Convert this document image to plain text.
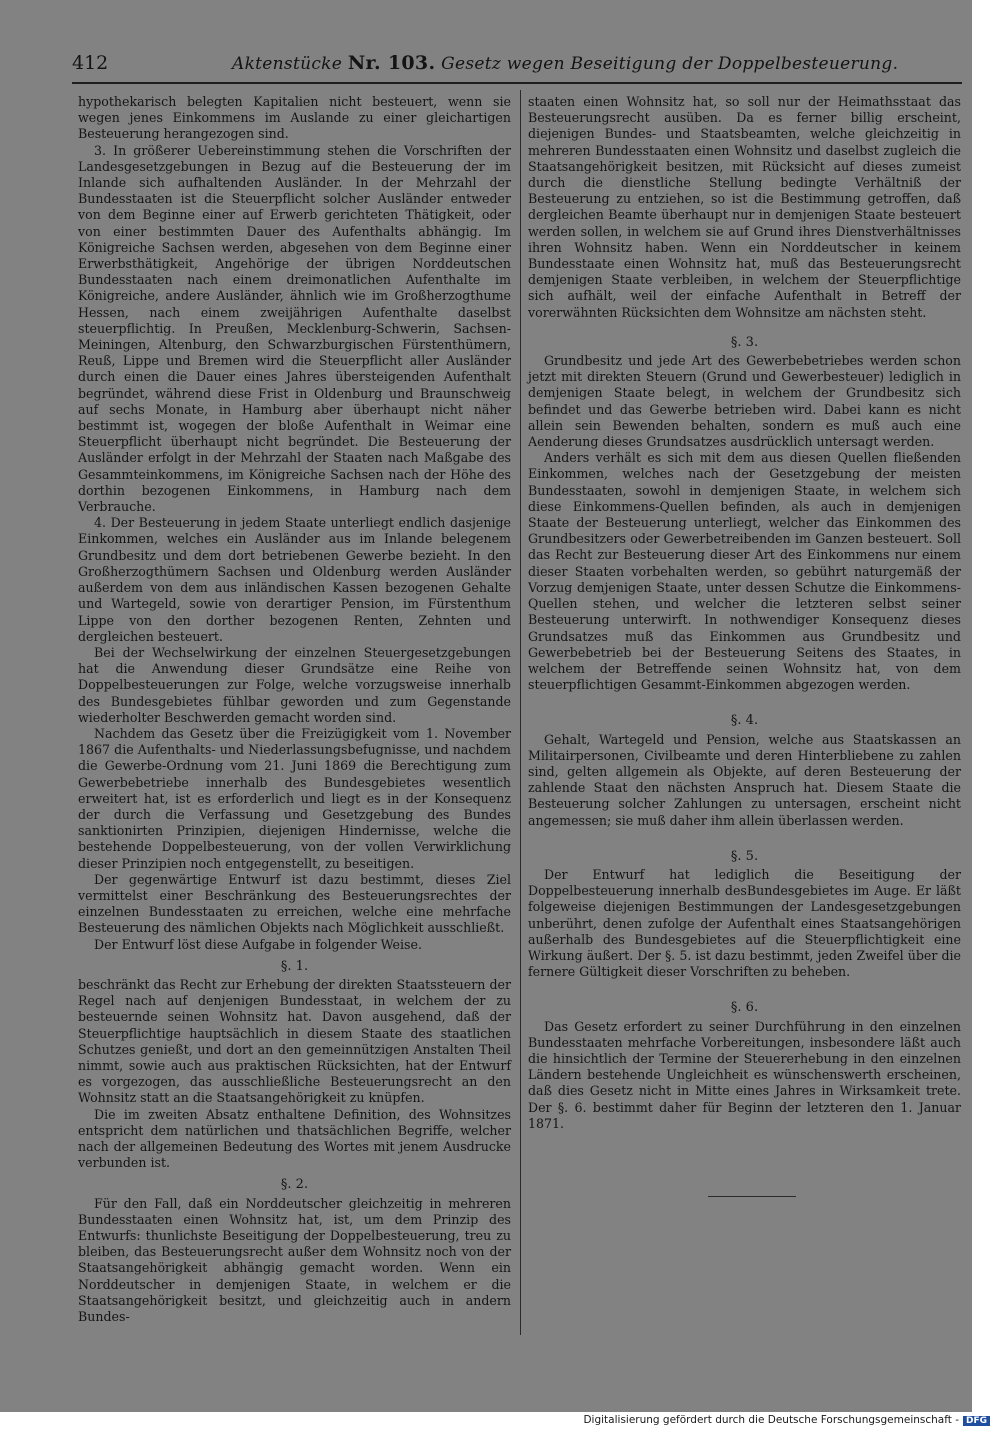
412	Aktenstücke Nr. 103. Gesetz wegen Beseitigung der Doppelbesteuerung.

hypothekarisch belegten Kapitalien nicht besteuert, wenn sie wegen jenes Einkommens im Auslande zu einer gleichartigen Besteuerung herangezogen sind.

3. In größerer Uebereinstimmung stehen die Vorschriften der Landesgesetzgebungen in Bezug auf die Besteuerung der im Inlande sich aufhaltenden Ausländer. In der Mehrzahl der Bundesstaaten ist die Steuerpflicht solcher Ausländer entweder von dem Beginne einer auf Erwerb gerichteten Thätigkeit, oder von einer bestimmten Dauer des Aufenthalts abhängig. Im Königreiche Sachsen werden, abgesehen von dem Beginne einer Erwerbsthätigkeit, Angehörige der übrigen Norddeutschen Bundesstaaten nach einem dreimonatlichen Aufenthalte im Königreiche, andere Ausländer, ähnlich wie im Großherzogthume Hessen, nach einem zweijährigen Aufenthalte daselbst steuerpflichtig. In Preußen, Mecklenburg-Schwerin, Sachsen-Meiningen, Altenburg, den Schwarzburgischen Fürstenthümern, Reuß, Lippe und Bremen wird die Steuerpflicht aller Ausländer durch einen die Dauer eines Jahres übersteigenden Aufenthalt begründet, während diese Frist in Oldenburg und Braunschweig auf sechs Monate, in Hamburg aber überhaupt nicht näher bestimmt ist, wogegen der bloße Aufenthalt in Weimar eine Steuerpflicht überhaupt nicht begründet. Die Besteuerung der Ausländer erfolgt in der Mehrzahl der Staaten nach Maßgabe des Gesammteinkommens, im Königreiche Sachsen nach der Höhe des dorthin bezogenen Einkommens, in Hamburg nach dem Verbrauche.

4. Der Besteuerung in jedem Staate unterliegt endlich dasjenige Einkommen, welches ein Ausländer aus im Inlande belegenem Grundbesitz und dem dort betriebenen Gewerbe bezieht. In den Großherzogthümern Sachsen und Oldenburg werden Ausländer außerdem von dem aus inländischen Kassen bezogenen Gehalte und Wartegeld, sowie von derartiger Pension, im Fürstenthum Lippe von den dorther bezogenen Renten, Zehnten und dergleichen besteuert.

Bei der Wechselwirkung der einzelnen Steuergesetzgebungen hat die Anwendung dieser Grundsätze eine Reihe von Doppelbesteuerungen zur Folge, welche vorzugsweise innerhalb des Bundesgebietes fühlbar geworden und zum Gegenstande wiederholter Beschwerden gemacht worden sind.

Nachdem das Gesetz über die Freizügigkeit vom 1. November 1867 die Aufenthalts- und Niederlassungsbefugnisse, und nachdem die Gewerbe-Ordnung vom 21. Juni 1869 die Berechtigung zum Gewerbebetriebe innerhalb des Bundesgebietes wesentlich erweitert hat, ist es erforderlich und liegt es in der Konsequenz der durch die Verfassung und Gesetzgebung des Bundes sanktionirten Prinzipien, diejenigen Hindernisse, welche die bestehende Doppelbesteuerung, von der vollen Verwirklichung dieser Prinzipien noch entgegenstellt, zu beseitigen.

Der gegenwärtige Entwurf ist dazu bestimmt, dieses Ziel vermittelst einer Beschränkung des Besteuerungsrechtes der einzelnen Bundesstaaten zu erreichen, welche eine mehrfache Besteuerung des nämlichen Objekts nach Möglichkeit ausschließt.

Der Entwurf löst diese Aufgabe in folgender Weise.

§. 1.

beschränkt das Recht zur Erhebung der direkten Staatssteuern der Regel nach auf denjenigen Bundesstaat, in welchem der zu besteuernde seinen Wohnsitz hat. Davon ausgehend, daß der Steuerpflichtige hauptsächlich in diesem Staate des staatlichen Schutzes genießt, und dort an den gemeinnützigen Anstalten Theil nimmt, sowie auch aus praktischen Rücksichten, hat der Entwurf es vorgezogen, das ausschließliche Besteuerungsrecht an den Wohnsitz statt an die Staatsangehörigkeit zu knüpfen.

Die im zweiten Absatz enthaltene Definition, des Wohnsitzes entspricht dem natürlichen und thatsächlichen Begriffe, welcher nach der allgemeinen Bedeutung des Wortes mit jenem Ausdrucke verbunden ist.

§. 2.

Für den Fall, daß ein Norddeutscher gleichzeitig in mehreren Bundesstaaten einen Wohnsitz hat, ist, um dem Prinzip des Entwurfs: thunlichste Beseitigung der Doppelbesteuerung, treu zu bleiben, das Besteuerungsrecht außer dem Wohnsitz noch von der Staatsangehörigkeit abhängig gemacht worden. Wenn ein Norddeutscher in demjenigen Staate, in welchem er die Staatsangehörigkeit besitzt, und gleichzeitig auch in andern Bundes-

staaten einen Wohnsitz hat, so soll nur der Heimathsstaat das Besteuerungsrecht ausüben. Da es ferner billig erscheint, diejenigen Bundes- und Staatsbeamten, welche gleichzeitig in mehreren Bundesstaaten einen Wohnsitz und daselbst zugleich die Staatsangehörigkeit besitzen, mit Rücksicht auf dieses zumeist durch die dienstliche Stellung bedingte Verhältniß der Besteuerung zu entziehen, so ist die Bestimmung getroffen, daß dergleichen Beamte überhaupt nur in demjenigen Staate besteuert werden sollen, in welchem sie auf Grund ihres Dienstverhältnisses ihren Wohnsitz haben. Wenn ein Norddeutscher in keinem Bundesstaate einen Wohnsitz hat, muß das Besteuerungsrecht demjenigen Staate verbleiben, in welchem der Steuerpflichtige sich aufhält, weil der einfache Aufenthalt in Betreff der vorerwähnten Rücksichten dem Wohnsitze am nächsten steht.

§. 3.

Grundbesitz und jede Art des Gewerbebetriebes werden schon jetzt mit direkten Steuern (Grund und Gewerbesteuer) lediglich in demjenigen Staate belegt, in welchem der Grundbesitz sich befindet und das Gewerbe betrieben wird. Dabei kann es nicht allein sein Bewenden behalten, sondern es muß auch eine Aenderung dieses Grundsatzes ausdrücklich untersagt werden.

Anders verhält es sich mit dem aus diesen Quellen fließenden Einkommen, welches nach der Gesetzgebung der meisten Bundesstaaten, sowohl in demjenigen Staate, in welchem sich diese Einkommens-Quellen befinden, als auch in demjenigen Staate der Besteuerung unterliegt, welcher das Einkommen des Grundbesitzers oder Gewerbetreibenden im Ganzen besteuert. Soll das Recht zur Besteuerung dieser Art des Einkommens nur einem dieser Staaten vorbehalten werden, so gebührt naturgemäß der Vorzug demjenigen Staate, unter dessen Schutze die Einkommens-Quellen stehen, und welcher die letzteren selbst seiner Besteuerung unterwirft. In nothwendiger Konsequenz dieses Grundsatzes muß das Einkommen aus Grundbesitz und Gewerbebetrieb bei der Besteuerung Seitens des Staates, in welchem der Betreffende seinen Wohnsitz hat, von dem steuerpflichtigen Gesammt-Einkommen abgezogen werden.

§. 4.

Gehalt, Wartegeld und Pension, welche aus Staatskassen an Militairpersonen, Civilbeamte und deren Hinterbliebene zu zahlen sind, gelten allgemein als Objekte, auf deren Besteuerung der zahlende Staat den nächsten Anspruch hat. Diesem Staate die Besteuerung solcher Zahlungen zu untersagen, erscheint nicht angemessen; sie muß daher ihm allein überlassen werden.

§. 5.

Der Entwurf hat lediglich die Beseitigung der Doppelbesteuerung innerhalb desBundesgebietes im Auge. Er läßt folgeweise diejenigen Bestimmungen der Landesgesetzgebungen unberührt, denen zufolge der Aufenthalt eines Staatsangehörigen außerhalb des Bundesgebietes auf die Steuerpflichtigkeit eine Wirkung äußert. Der §. 5. ist dazu bestimmt, jeden Zweifel über die fernere Gültigkeit dieser Vorschriften zu beheben.

§. 6.

Das Gesetz erfordert zu seiner Durchführung in den einzelnen Bundesstaaten mehrfache Vorbereitungen, insbesondere läßt auch die hinsichtlich der Termine der Steuererhebung in den einzelnen Ländern bestehende Ungleichheit es wünschenswerth erscheinen, daß dies Gesetz nicht in Mitte eines Jahres in Wirksamkeit trete. Der §. 6. bestimmt daher für Beginn der letzteren den 1. Januar 1871.

Digitalisierung gefördert durch die Deutsche Forschungsgemeinschaft - DFG
